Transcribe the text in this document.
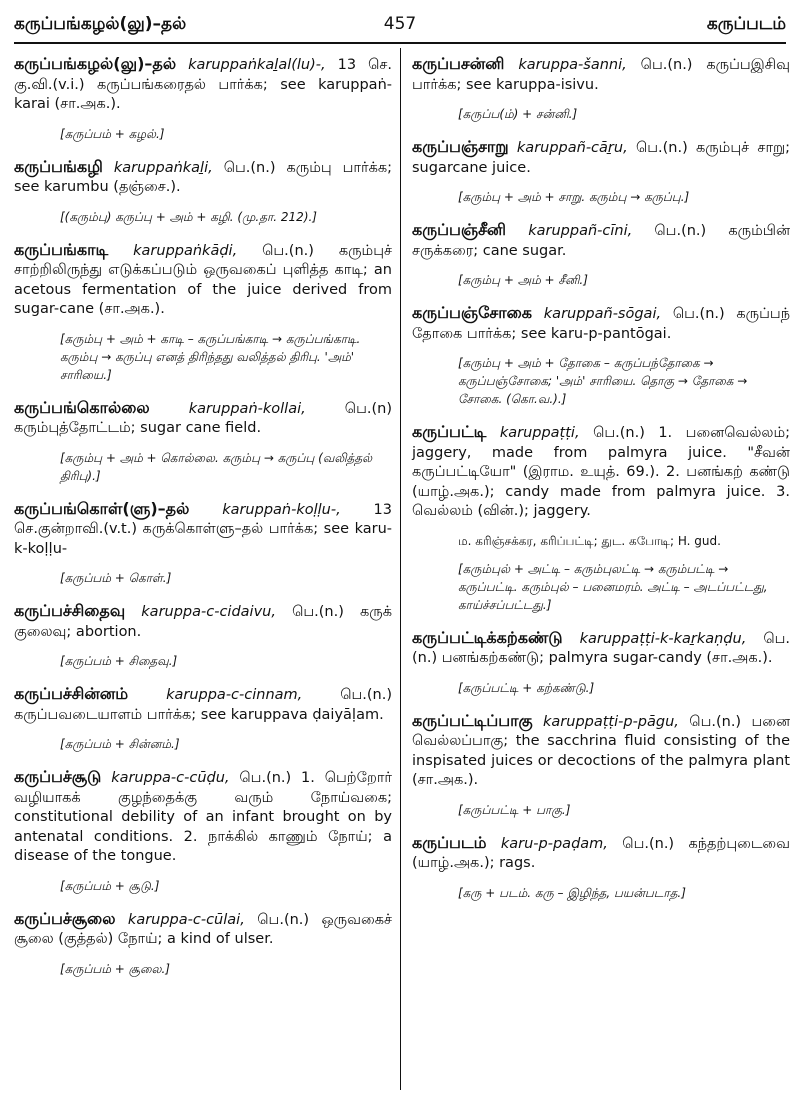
கருப்பங்கழல்(லு)–தல்	457	கருப்படம்

கருப்பங்கழல்(லு)–தல் karuppaṅkaḻal(lu)-, 13 செ. கு.வி.(v.i.) கருப்பங்கரைதல் பார்க்க; see karuppaṅ-karai (சா.அக.).

[கருப்பம் + கழல்.]

கருப்பங்கழி karuppaṅkaḻi, பெ.(n.) கரும்பு பார்க்க; see karumbu (தஞ்சை.).

[(கரும்பு) கருப்பு + அம் + கழி. (மு.தா. 212).]

கருப்பங்காடி karuppaṅkāḍi, பெ.(n.) கரும்புச் சாற்றிலிருந்து எடுக்கப்படும் ஒருவகைப் புளித்த காடி; an acetous fermentation of the juice derived from sugar-cane (சா.அக.).

[கரும்பு + அம் + காடி – கருப்பங்காடி → கருப்பங்காடி. கரும்பு → கருப்பு எனத் திரிந்தது வலித்தல் திரிபு. 'அம்' சாரியை.]

கருப்பங்கொல்லை	karuppaṅ-kollai,	பெ.(n) கரும்புத்தோட்டம்; sugar cane field.

[கரும்பு + அம் + கொல்லை. கரும்பு → கருப்பு (வலித்தல் திரிபு).]

கருப்பங்கொள்(ளு)–தல் karuppaṅ-koḷḷu-, 13 செ.குன்றாவி.(v.t.) கருக்கொள்ளு–தல் பார்க்க; see karu-k-koḷḷu-

[கருப்பம் + கொள்.]

கருப்பச்சிதைவு karuppa-c-cidaivu, பெ.(n.) கருக் குலைவு; abortion.

[கருப்பம் + சிதைவு.]

கருப்பச்சின்னம்	karuppa-c-cinnam,	பெ.(n.) கருப்பவடையாளம் பார்க்க; see karuppava ḍaiyāḷam.

[கருப்பம் + சின்னம்.]

கருப்பச்சூடு karuppa-c-cūḍu, பெ.(n.) 1. பெற்றோர் வழியாகக் குழந்தைக்கு வரும் நோய்வகை; constitutional debility of an infant brought on by antenatal conditions. 2. நாக்கில் காணும் நோய்; a disease of the tongue.

[கருப்பம் + சூடு.]

கருப்பச்சூலை karuppa-c-cūlai, பெ.(n.) ஒருவகைச் சூலை (குத்தல்) நோய்; a kind of ulser.

[கருப்பம் + சூலை.]

கருப்பசன்னி karuppa-šanni, பெ.(n.) கருப்பஇசிவு பார்க்க; see karuppa-isivu.

[கருப்ப(ம்) + சன்னி.]

கருப்பஞ்சாறு karuppañ-cāṟu, பெ.(n.) கரும்புச் சாறு; sugarcane juice.

[கரும்பு + அம் + சாறு. கரும்பு → கருப்பு.]

கருப்பஞ்சீனி karuppañ-cīni, பெ.(n.) கரும்பின் சருக்கரை; cane sugar.

[கரும்பு + அம் + சீனி.]

கருப்பஞ்சோகை karuppañ-sōgai, பெ.(n.) கருப்பந் தோகை பார்க்க; see karu-p-pantōgai.

[கரும்பு + அம் + தோகை – கருப்பந்தோகை → கருப்பஞ்சோகை; 'அம்' சாரியை. தொகு → தோகை → சோகை. (கொ.வ.).]

கருப்பட்டி karuppaṭṭi, பெ.(n.) 1. பனைவெல்லம்; jaggery, made from palmyra juice. "சீவன் கருப்பட்டியோ" (இராம. உயுத். 69.). 2. பனங்கற் கண்டு (யாழ்.அக.); candy made from palmyra juice. 3. வெல்லம் (வின்.); jaggery.

ம. கரிஞ்சக்கர, கரிப்பட்டி; துட. கபோடி; H. gud.
[கரும்புல் + அட்டி – கரும்புலட்டி → கரும்பட்டி → கருப்பட்டி. கரும்புல் – பனைமரம். அட்டி – அடப்பட்டது, காய்ச்சப்பட்டது.]

கருப்பட்டிக்கற்கண்டு karuppaṭṭi-k-kaṟkaṇḍu, பெ.(n.) பனங்கற்கண்டு; palmyra sugar-candy (சா.அக.).

[கருப்பட்டி + கற்கண்டு.]

கருப்பட்டிப்பாகு karuppaṭṭi-p-pāgu, பெ.(n.) பனை வெல்லப்பாகு; the sacchrina fluid consisting of the inspisated juices or decoctions of the palmyra plant (சா.அக.).

[கருப்பட்டி + பாகு.]

கருப்படம் karu-p-paḍam, பெ.(n.) கந்தற்புடைவை (யாழ்.அக.); rags.

[கரு + படம். கரு – இழிந்த, பயன்படாத.]
